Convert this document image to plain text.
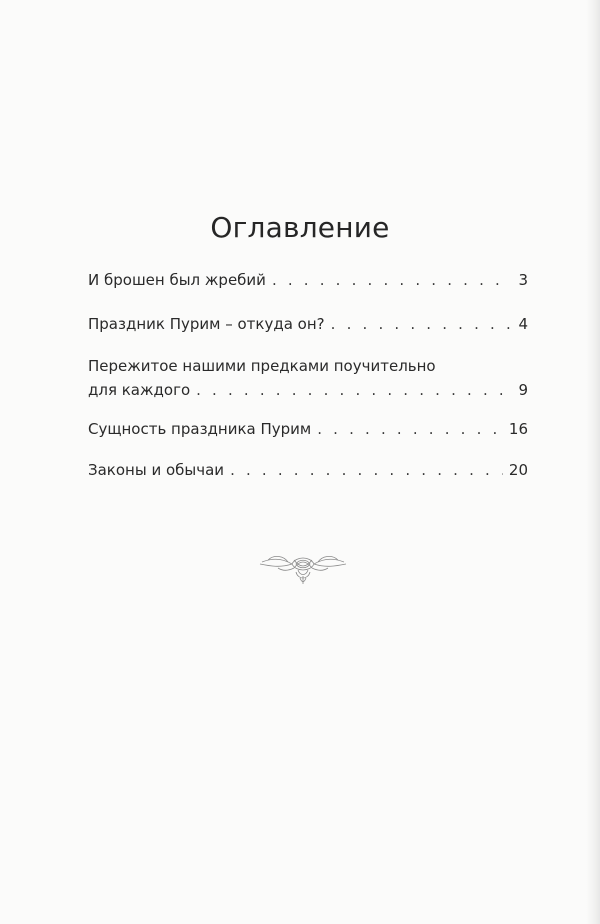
Оглавление
И брошен был жребий . . .	3
Праздник Пурим – откуда он? . . .	4
Пережитое нашими предками поучительно
для каждого . . .	9
Сущность праздника Пурим . . .	16
Законы и обычаи . . .	20
